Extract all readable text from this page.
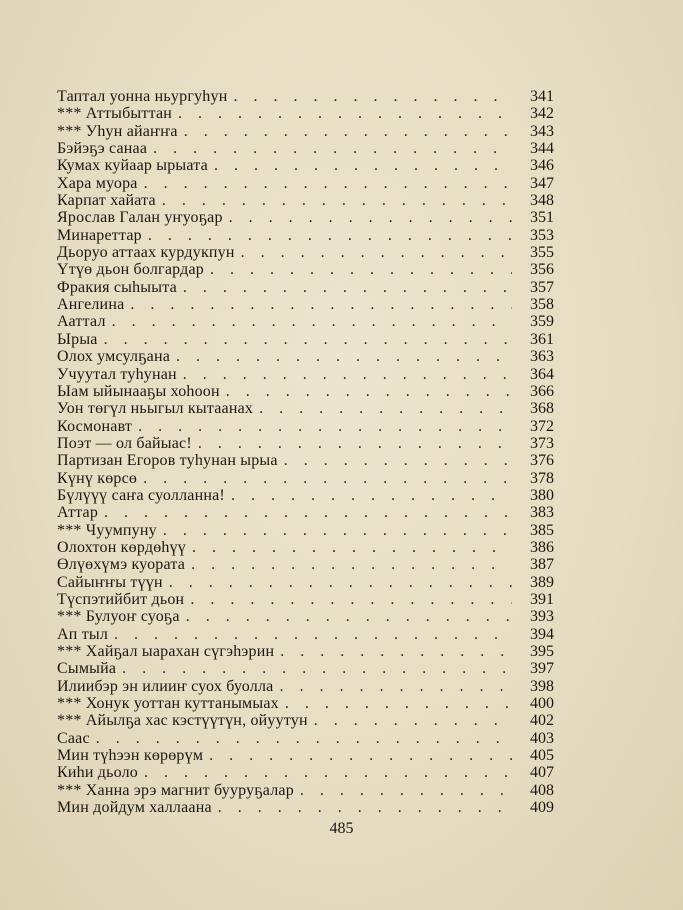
Таптал уонна ньургуhун . . .	341
*** Аттыбыттан . . .	342
*** Уhун айаҥҥа . . .	343
Бэйэҕэ санаа . . .	344
Кумах куйаар ырыата . . .	346
Хара муора . . .	347
Карпат хайата . . .	348
Ярослав Галан уҥуоҕар . . .	351
Минареттар . . .	353
Дьоруо аттаах курдукпун . . .	355
Үтүө дьон болгардар . . .	356
Фракия сыhыыта . . .	357
Ангелина . . .	358
Ааттал . . .	359
Ырыа . . .	361
Олох умсулҕана . . .	363
Учуутал туhунан . . .	364
Ыам ыйынааҕы хоhоон . . .	366
Уон төгүл ньыгыл кытаанах . . .	368
Космонавт . . .	372
Поэт — ол байыас! . . .	373
Партизан Егоров туhунан ырыа . . .	376
Күнү көрсө . . .	378
Бүлүүү саҥа суолланна! . . .	380
Аттар . . .	383
*** Чуумпуну . . .	385
Олохтон көрдөhүү . . .	386
Өлүөхүмэ куората . . .	387
Сайыҥҥы түүн . . .	389
Түспэтийбит дьон . . .	391
*** Булуоҥ суоҕа . . .	393
Ап тыл . . .	394
*** Хайҕал ыарахан сүгэhэрин . . .	395
Сымыйа . . .	397
Илиибэр эн илииҥ суох буолла . . .	398
*** Хонук уоттан куттанымыах . . .	400
*** Айылҕа хас кэстүүтүн, ойуутун . . .	402
Саас . . .	403
Мин түhээн көрөрүм . . .	405
Киhи дьоло . . .	407
*** Ханна эрэ магнит бууруҕалар . . .	408
Мин дойдум халлаана . . .	409
485
